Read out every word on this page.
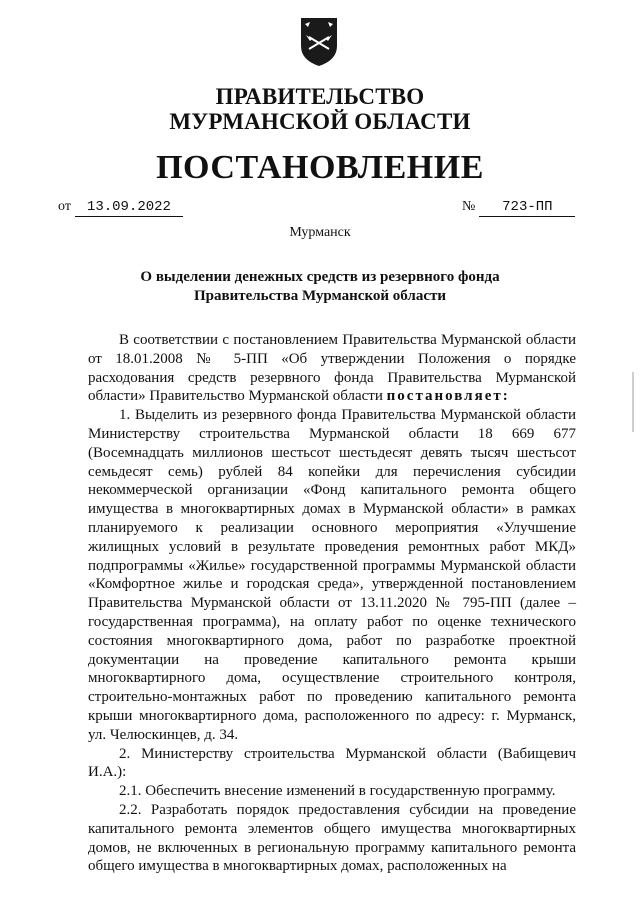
ПРАВИТЕЛЬСТВО
МУРМАНСКОЙ ОБЛАСТИ
ПОСТАНОВЛЕНИЕ
от 13.09.2022	№ 723-ПП
Мурманск
О выделении денежных средств из резервного фонда
Правительства Мурманской области

В соответствии с постановлением Правительства Мурманской области от 18.01.2008 № 5-ПП «Об утверждении Положения о порядке расходования средств резервного фонда Правительства Мурманской области» Правительство Мурманской области постановляет:

1. Выделить из резервного фонда Правительства Мурманской области Министерству строительства Мурманской области 18 669 677 (Восемнадцать миллионов шестьсот шестьдесят девять тысяч шестьсот семьдесят семь) рублей 84 копейки для перечисления субсидии некоммерческой организации «Фонд капитального ремонта общего имущества в многоквартирных домах в Мурманской области» в рамках планируемого к реализации основного мероприятия «Улучшение жилищных условий в результате проведения ремонтных работ МКД» подпрограммы «Жилье» государственной программы Мурманской области «Комфортное жилье и городская среда», утвержденной постановлением Правительства Мурманской области от 13.11.2020 № 795-ПП (далее – государственная программа), на оплату работ по оценке технического состояния многоквартирного дома, работ по разработке проектной документации на проведение капитального ремонта крыши многоквартирного дома, осуществление строительного контроля, строительно-монтажных работ по проведению капитального ремонта крыши многоквартирного дома, расположенного по адресу: г. Мурманск, ул. Челюскинцев, д. 34.

2. Министерству строительства Мурманской области (Вабищевич И.А.):

2.1. Обеспечить внесение изменений в государственную программу.

2.2. Разработать порядок предоставления субсидии на проведение капитального ремонта элементов общего имущества многоквартирных домов, не включенных в региональную программу капитального ремонта общего имущества в многоквартирных домах, расположенных на
